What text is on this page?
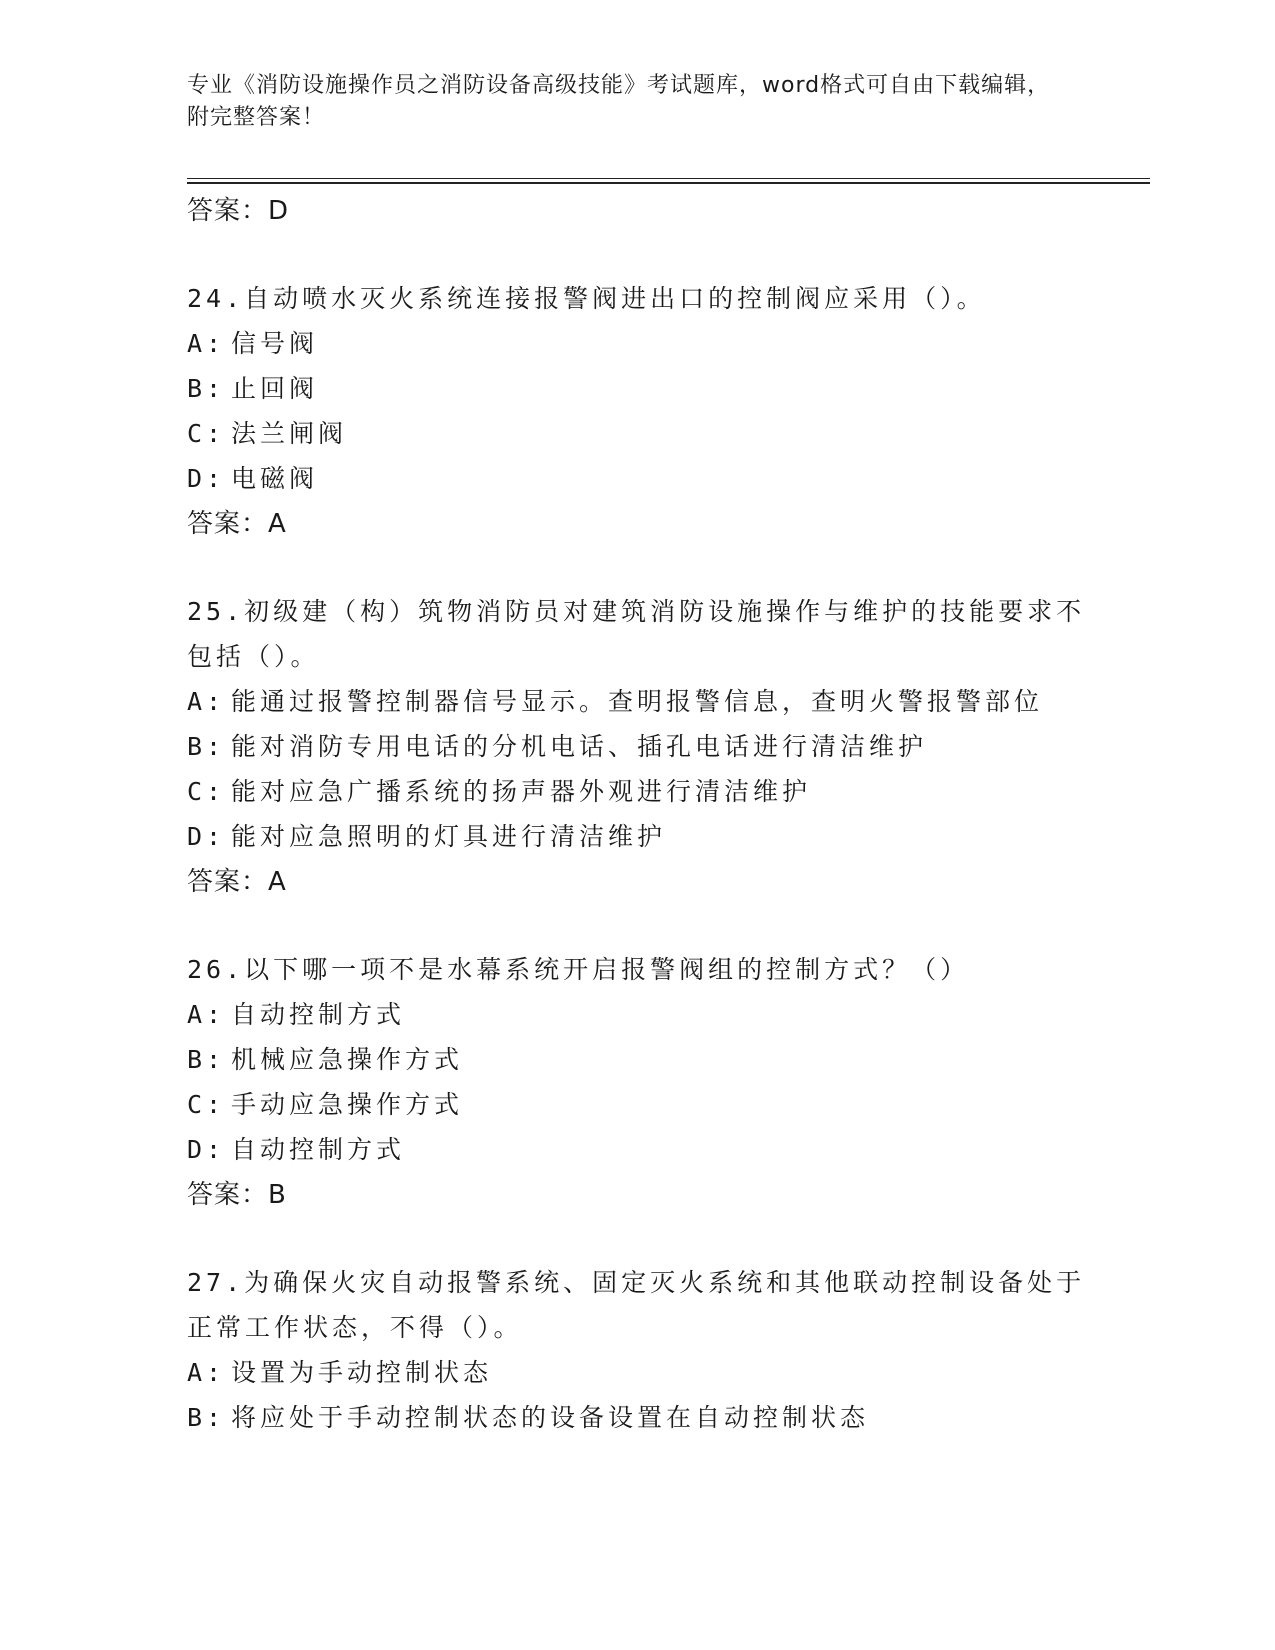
专业《消防设施操作员之消防设备高级技能》考试题库，word格式可自由下载编辑，附完整答案！
答案：D
24.自动喷水灭火系统连接报警阀进出口的控制阀应采用（）。
A: 信号阀
B: 止回阀
C: 法兰闸阀
D: 电磁阀
答案：A
25.初级建（构）筑物消防员对建筑消防设施操作与维护的技能要求不包括（）。
A: 能通过报警控制器信号显示。查明报警信息，查明火警报警部位
B: 能对消防专用电话的分机电话、插孔电话进行清洁维护
C: 能对应急广播系统的扬声器外观进行清洁维护
D: 能对应急照明的灯具进行清洁维护
答案：A
26.以下哪一项不是水幕系统开启报警阀组的控制方式？（）
A: 自动控制方式
B: 机械应急操作方式
C: 手动应急操作方式
D: 自动控制方式
答案：B
27.为确保火灾自动报警系统、固定灭火系统和其他联动控制设备处于正常工作状态，不得（）。
A: 设置为手动控制状态
B: 将应处于手动控制状态的设备设置在自动控制状态
